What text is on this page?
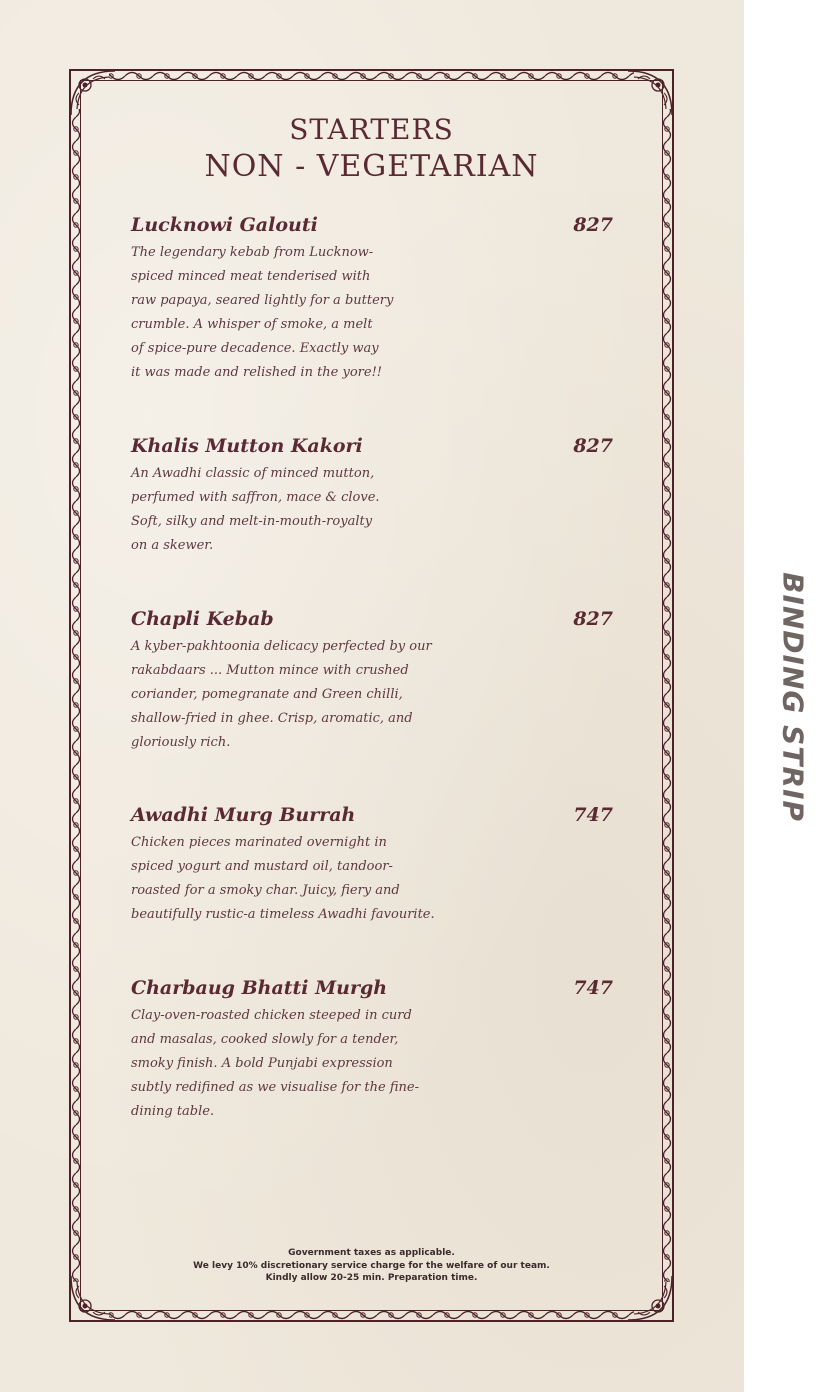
BINDING STRIP
STARTERS
NON - VEGETARIAN
Lucknowi Galouti	827
The legendary kebab from Lucknow-
spiced minced meat tenderised with
raw papaya, seared lightly for a buttery
crumble. A whisper of smoke, a melt
of spice-pure decadence. Exactly way
it was made and relished in the yore!!
Khalis Mutton Kakori	827
An Awadhi classic of minced mutton,
perfumed with saffron, mace & clove.
Soft, silky and melt-in-mouth-royalty
on a skewer.
Chapli Kebab	827
A kyber-pakhtoonia delicacy perfected by our
rakabdaars ... Mutton mince with crushed
coriander, pomegranate and Green chilli,
shallow-fried in ghee. Crisp, aromatic, and
gloriously rich.
Awadhi Murg Burrah	747
Chicken pieces marinated overnight in
spiced yogurt and mustard oil, tandoor-
roasted for a smoky char. Juicy, fiery and
beautifully rustic-a timeless Awadhi favourite.
Charbaug Bhatti Murgh	747
Clay-oven-roasted chicken steeped in curd
and masalas, cooked slowly for a tender,
smoky finish. A bold Punjabi expression
subtly redifined as we visualise for the fine-
dining table.
Government taxes as applicable.
We levy 10% discretionary service charge for the welfare of our team.
Kindly allow 20-25 min. Preparation time.
